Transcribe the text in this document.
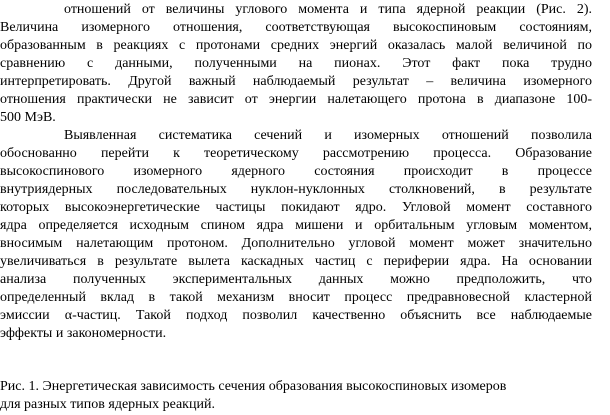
отношений от величины углового момента и типа ядерной реакции (Рис. 2).
Величина изомерного отношения, соответствующая высокоспиновым состояниям,
образованным в реакциях с протонами средних энергий оказалась малой величиной по
сравнению с данными, полученными на пионах. Этот факт пока трудно
интерпретировать. Другой важный наблюдаемый результат – величина изомерного
отношения практически не зависит от энергии налетающего протона в диапазоне 100-
500 МэВ.
Выявленная систематика сечений и изомерных отношений позволила
обоснованно перейти к теоретическому рассмотрению процесса. Образование
высокоспинового изомерного ядерного состояния происходит в процессе
внутриядерных последовательных нуклон-нуклонных столкновений, в результате
которых высокоэнергетические частицы покидают ядро. Угловой момент составного
ядра определяется исходным спином ядра мишени и орбитальным угловым моментом,
вносимым налетающим протоном. Дополнительно угловой момент может значительно
увеличиваться в результате вылета каскадных частиц с периферии ядра. На основании
анализа полученных экспериментальных данных можно предположить, что
определенный вклад в такой механизм вносит процесс предравновесной кластерной
эмиссии α-частиц. Такой подход позволил качественно объяснить все наблюдаемые
эффекты и закономерности.
Рис. 1. Энергетическая зависимость сечения образования высокоспиновых изомеров
для разных типов ядерных реакций.
